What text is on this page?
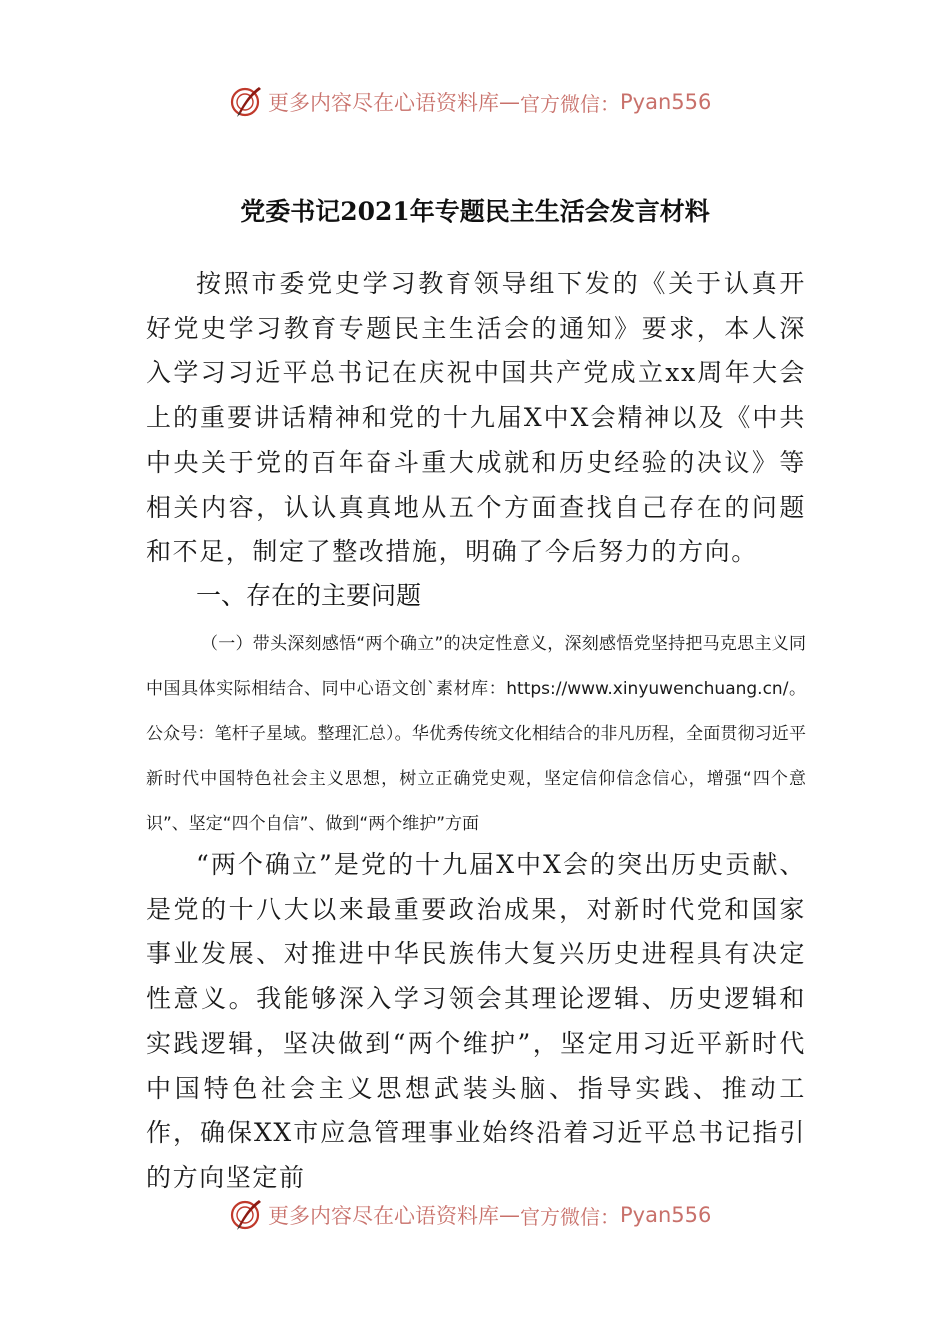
更多内容尽在心语资料库 — 官方微信： Pyan556
党委书记2021年专题民主生活会发言材料

按照市委党史学习教育领导组下发的《关于认真开好党史学习教育专题民主生活会的通知》要求，本人深入学习习近平总书记在庆祝中国共产党成立xx周年大会上的重要讲话精神和党的十九届X中X会精神以及《中共中央关于党的百年奋斗重大成就和历史经验的决议》等相关内容，认认真真地从五个方面查找自己存在的问题和不足，制定了整改措施，明确了今后努力的方向。

一、存在的主要问题

（一）带头深刻感悟“两个确立”的决定性意义，深刻感悟党坚持把马克思主义同中国具体实际相结合、同中心语文创`素材库：https://www.xinyuwenchuang.cn/。公众号：笔杆子星域。整理汇总）。华优秀传统文化相结合的非凡历程，全面贯彻习近平新时代中国特色社会主义思想，树立正确党史观，坚定信仰信念信心，增强“四个意识”、坚定“四个自信”、做到“两个维护”方面

“两个确立”是党的十九届X中X会的突出历史贡献、是党的十八大以来最重要政治成果，对新时代党和国家事业发展、对推进中华民族伟大复兴历史进程具有决定性意义。我能够深入学习领会其理论逻辑、历史逻辑和实践逻辑，坚决做到“两个维护”，坚定用习近平新时代中国特色社会主义思想武装头脑、指导实践、推动工作，确保XX市应急管理事业始终沿着习近平总书记指引的方向坚定前

更多内容尽在心语资料库 — 官方微信： Pyan556
